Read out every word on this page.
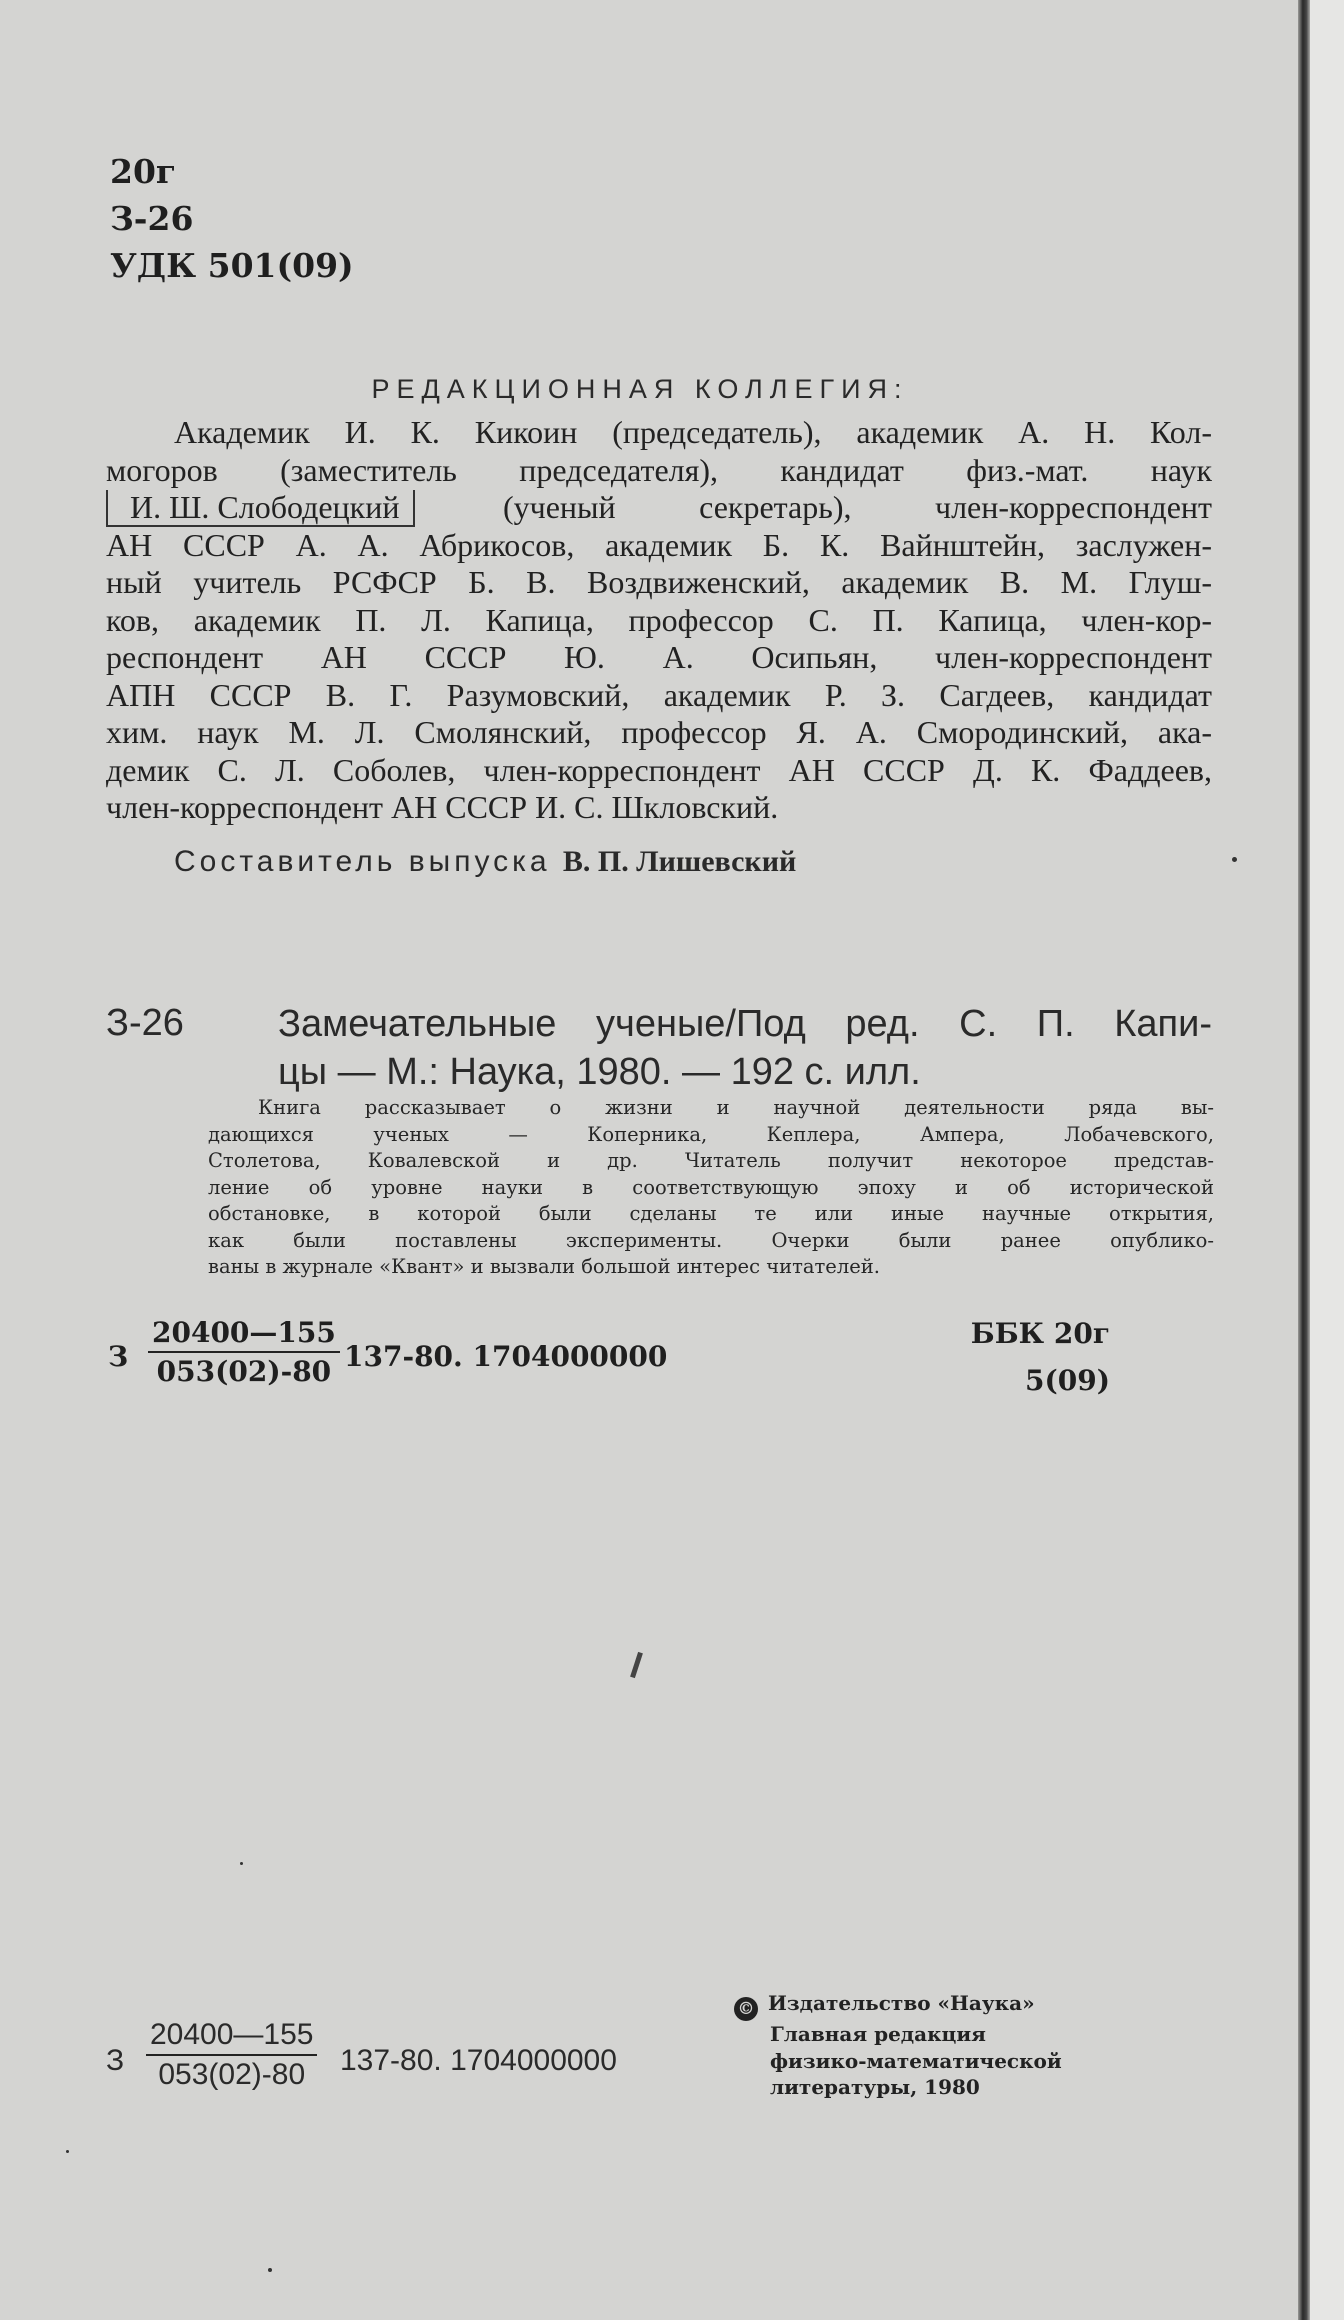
20г
З-26
УДК 501(09)
РЕДАКЦИОННАЯ КОЛЛЕГИЯ:
Академик И. К. Кикоин (председатель), академик А. Н. Кол-
могоров (заместитель председателя), кандидат физ.-мат. наук
И. Ш. Слободецкий	(ученый секретарь), член-корреспондент
АН СССР А. А. Абрикосов, академик Б. К. Вайнштейн, заслужен-
ный учитель РСФСР Б. В. Воздвиженский, академик В. М. Глуш-
ков, академик П. Л. Капица, профессор С. П. Капица, член-кор-
респондент АН СССР Ю. А. Осипьян, член-корреспондент
АПН СССР В. Г. Разумовский, академик Р. З. Сагдеев, кандидат
хим. наук М. Л. Смолянский, профессор Я. А. Смородинский, ака-
демик С. Л. Соболев, член-корреспондент АН СССР Д. К. Фаддеев,
член-корреспондент АН СССР И. С. Шкловский.
Составитель выпуска В. П. Лишевский
З-26 Замечательные ученые/Под ред. С. П. Капи-
цы — М.: Наука, 1980. — 192 с. илл.
Книга рассказывает о жизни и научной деятельности ряда вы-
дающихся ученых — Коперника, Кеплера, Ампера, Лобачевского,
Столетова, Ковалевской и др. Читатель получит некоторое представ-
ление об уровне науки в соответствующую эпоху и об исторической
обстановке, в которой были сделаны те или иные научные открытия,
как были поставлены эксперименты. Очерки были ранее опублико-
ваны в журнале «Квант» и вызвали большой интерес читателей.
З $\frac{20400—155}{053(02)-80} 137-80$. 1704000000
ББК 20г
5(09)
З $\frac{20400—155}{053(02)-80} 137-80$. 1704000000
© Издательство «Наука»
Главная редакция
физико-математической
литературы, 1980
